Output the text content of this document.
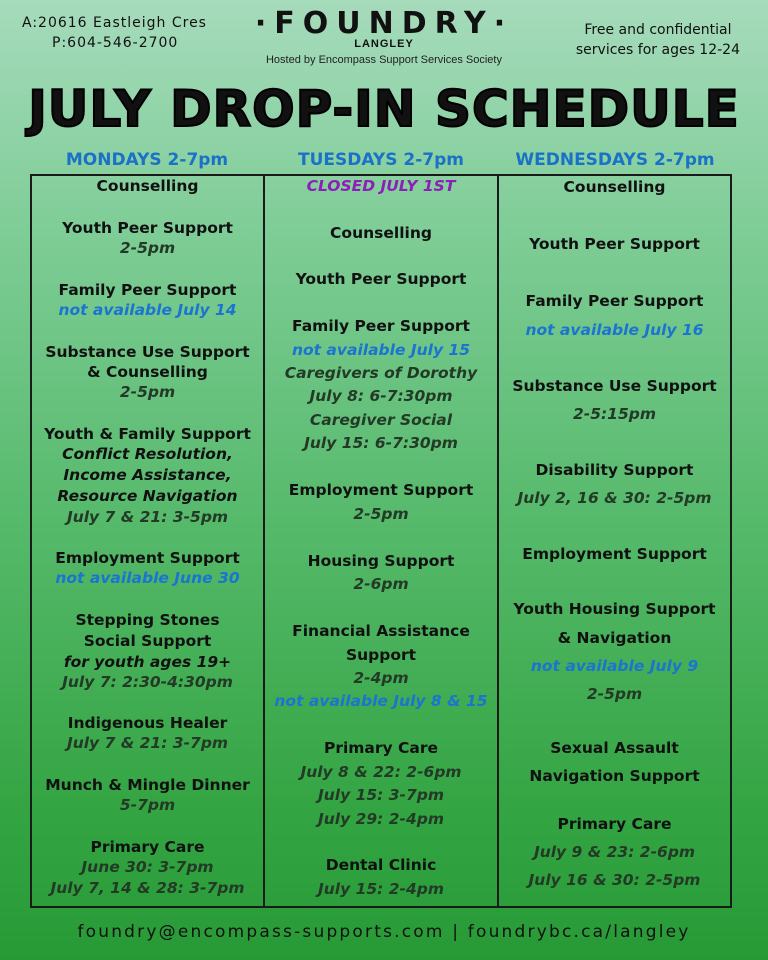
A:20616 Eastleigh Cres
P:604-546-2700
·FOUNDRY·
LANGLEY
Hosted by Encompass Support Services Society
Free and confidential
services for ages 12-24
JULY DROP-IN SCHEDULE
MONDAYS 2-7pm	TUESDAYS 2-7pm	WEDNESDAYS 2-7pm
Counselling
Youth Peer Support
2-5pm
Family Peer Support
not available July 14
Substance Use Support
& Counselling
2-5pm
Youth & Family Support
Conflict Resolution,
Income Assistance,
Resource Navigation
July 7 & 21: 3-5pm
Employment Support
not available June 30
Stepping Stones
Social Support
for youth ages 19+
July 7: 2:30-4:30pm
Indigenous Healer
July 7 & 21: 3-7pm
Munch & Mingle Dinner
5-7pm
Primary Care
June 30: 3-7pm
July 7, 14 & 28: 3-7pm
CLOSED JULY 1ST
Counselling
Youth Peer Support
Family Peer Support
not available July 15
Caregivers of Dorothy
July 8: 6-7:30pm
Caregiver Social
July 15: 6-7:30pm
Employment Support
2-5pm
Housing Support
2-6pm
Financial Assistance
Support
2-4pm
not available July 8 & 15
Primary Care
July 8 & 22: 2-6pm
July 15: 3-7pm
July 29: 2-4pm
Dental Clinic
July 15: 2-4pm
Counselling
Youth Peer Support
Family Peer Support
not available July 16
Substance Use Support
2-5:15pm
Disability Support
July 2, 16 & 30: 2-5pm
Employment Support
Youth Housing Support
& Navigation
not available July 9
2-5pm
Sexual Assault
Navigation Support
Primary Care
July 9 & 23: 2-6pm
July 16 & 30: 2-5pm
foundry@encompass-supports.com | foundrybc.ca/langley
